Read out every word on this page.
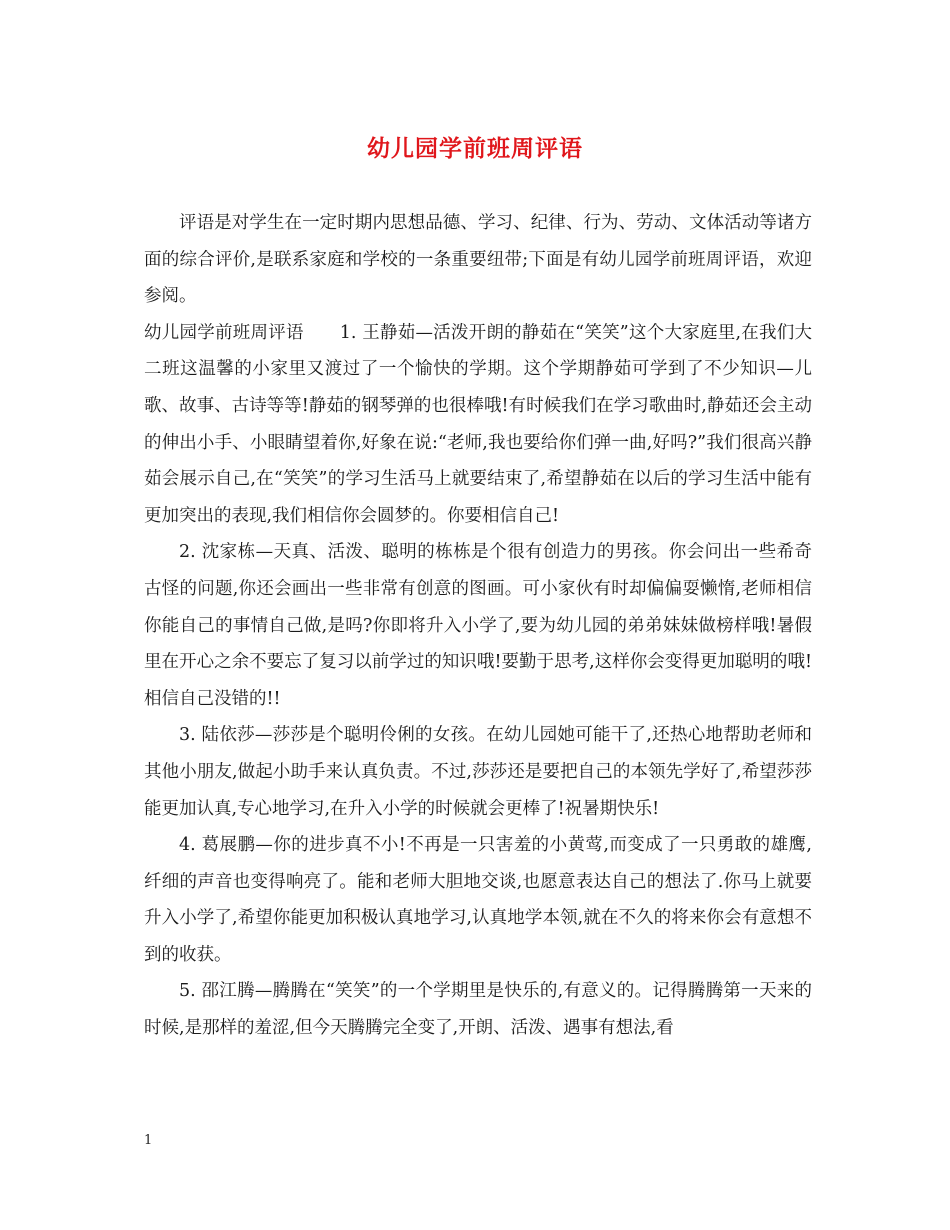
幼儿园学前班周评语

评语是对学生在一定时期内思想品德、学习、纪律、行为、劳动、文体活动等诸方面的综合评价,是联系家庭和学校的一条重要纽带;下面是有幼儿园学前班周评语，欢迎参阅。

幼儿园学前班周评语 1. 王静茹—活泼开朗的静茹在“笑笑”这个大家庭里,在我们大二班这温馨的小家里又渡过了一个愉快的学期。这个学期静茹可学到了不少知识—儿歌、故事、古诗等等!静茹的钢琴弹的也很棒哦!有时候我们在学习歌曲时,静茹还会主动的伸出小手、小眼睛望着你,好象在说:“老师,我也要给你们弹一曲,好吗?”我们很高兴静茹会展示自己,在“笑笑”的学习生活马上就要结束了,希望静茹在以后的学习生活中能有更加突出的表现,我们相信你会圆梦的。你要相信自己!

2. 沈家栋—天真、活泼、聪明的栋栋是个很有创造力的男孩。你会问出一些希奇古怪的问题,你还会画出一些非常有创意的图画。可小家伙有时却偏偏耍懒惰,老师相信你能自己的事情自己做,是吗?你即将升入小学了,要为幼儿园的弟弟妹妹做榜样哦!暑假里在开心之余不要忘了复习以前学过的知识哦!要勤于思考,这样你会变得更加聪明的哦!相信自己没错的!!

3. 陆依莎—莎莎是个聪明伶俐的女孩。在幼儿园她可能干了,还热心地帮助老师和其他小朋友,做起小助手来认真负责。不过,莎莎还是要把自己的本领先学好了,希望莎莎能更加认真,专心地学习,在升入小学的时候就会更棒了!祝暑期快乐!

4. 葛展鹏—你的进步真不小!不再是一只害羞的小黄莺,而变成了一只勇敢的雄鹰,纤细的声音也变得响亮了。能和老师大胆地交谈,也愿意表达自己的想法了.你马上就要升入小学了,希望你能更加积极认真地学习,认真地学本领,就在不久的将来你会有意想不到的收获。

5. 邵江腾—腾腾在“笑笑”的一个学期里是快乐的,有意义的。记得腾腾第一天来的时候,是那样的羞涩,但今天腾腾完全变了,开朗、活泼、遇事有想法,看

1
